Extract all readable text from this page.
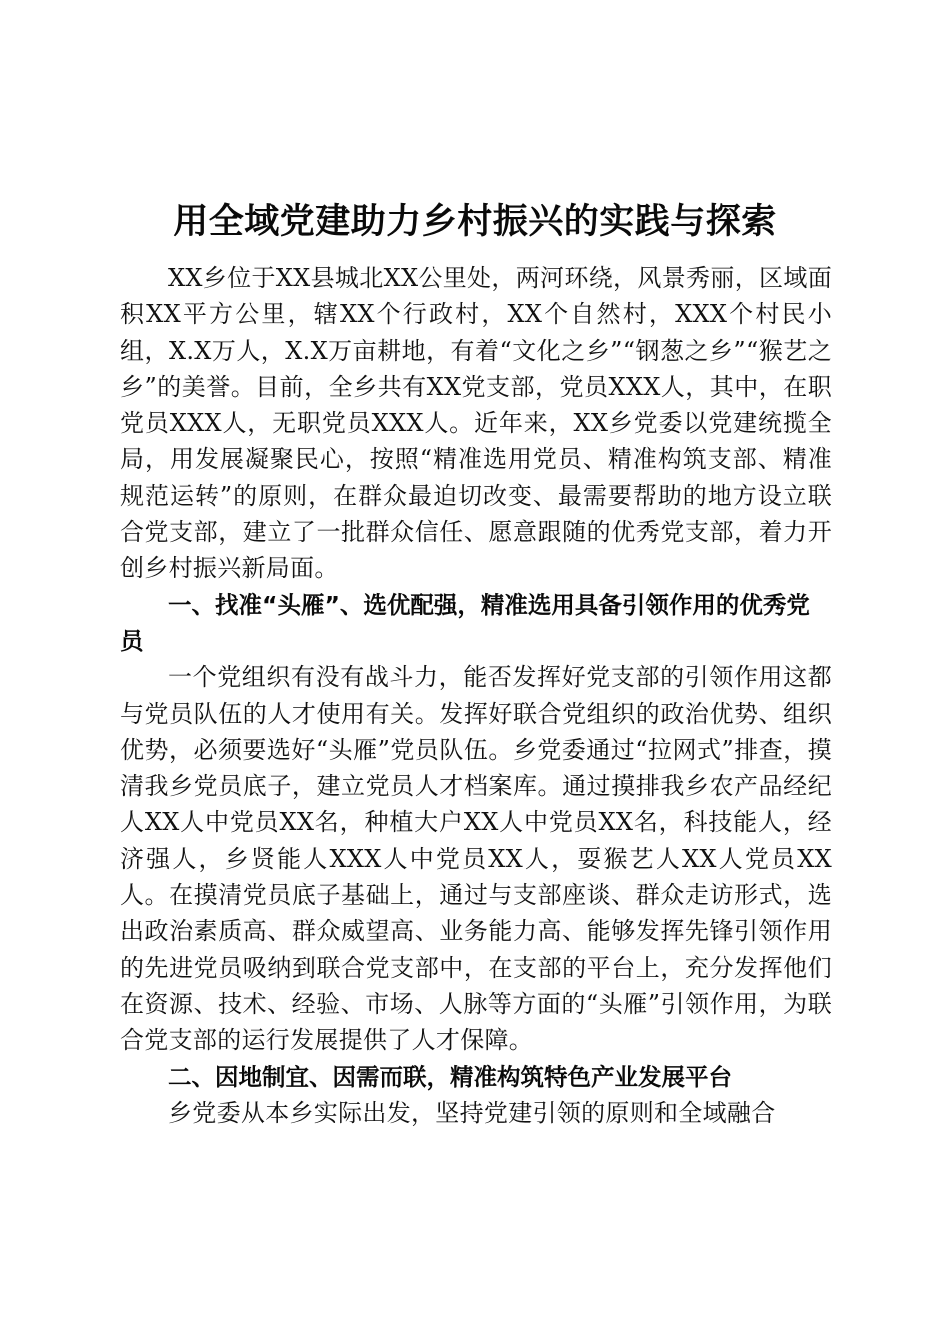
用全域党建助力乡村振兴的实践与探索

XX乡位于XX县城北XX公里处，两河环绕，风景秀丽，区域面积XX平方公里，辖XX个行政村，XX个自然村，XXX个村民小组，X.X万人，X.X万亩耕地，有着“文化之乡”“钢葱之乡”“猴艺之乡”的美誉。目前，全乡共有XX党支部，党员XXX人，其中，在职党员XXX人，无职党员XXX人。近年来，XX乡党委以党建统揽全局，用发展凝聚民心，按照“精准选用党员、精准构筑支部、精准规范运转”的原则，在群众最迫切改变、最需要帮助的地方设立联合党支部，建立了一批群众信任、愿意跟随的优秀党支部，着力开创乡村振兴新局面。

一、找准“头雁”、选优配强，精准选用具备引领作用的优秀党员

一个党组织有没有战斗力，能否发挥好党支部的引领作用这都与党员队伍的人才使用有关。发挥好联合党组织的政治优势、组织优势，必须要选好“头雁”党员队伍。乡党委通过“拉网式”排查，摸清我乡党员底子，建立党员人才档案库。通过摸排我乡农产品经纪人XX人中党员XX名，种植大户XX人中党员XX名，科技能人，经济强人，乡贤能人XXX人中党员XX人，耍猴艺人XX人党员XX人。在摸清党员底子基础上，通过与支部座谈、群众走访形式，选出政治素质高、群众威望高、业务能力高、能够发挥先锋引领作用的先进党员吸纳到联合党支部中，在支部的平台上，充分发挥他们在资源、技术、经验、市场、人脉等方面的“头雁”引领作用，为联合党支部的运行发展提供了人才保障。

二、因地制宜、因需而联，精准构筑特色产业发展平台

乡党委从本乡实际出发，坚持党建引领的原则和全域融合
